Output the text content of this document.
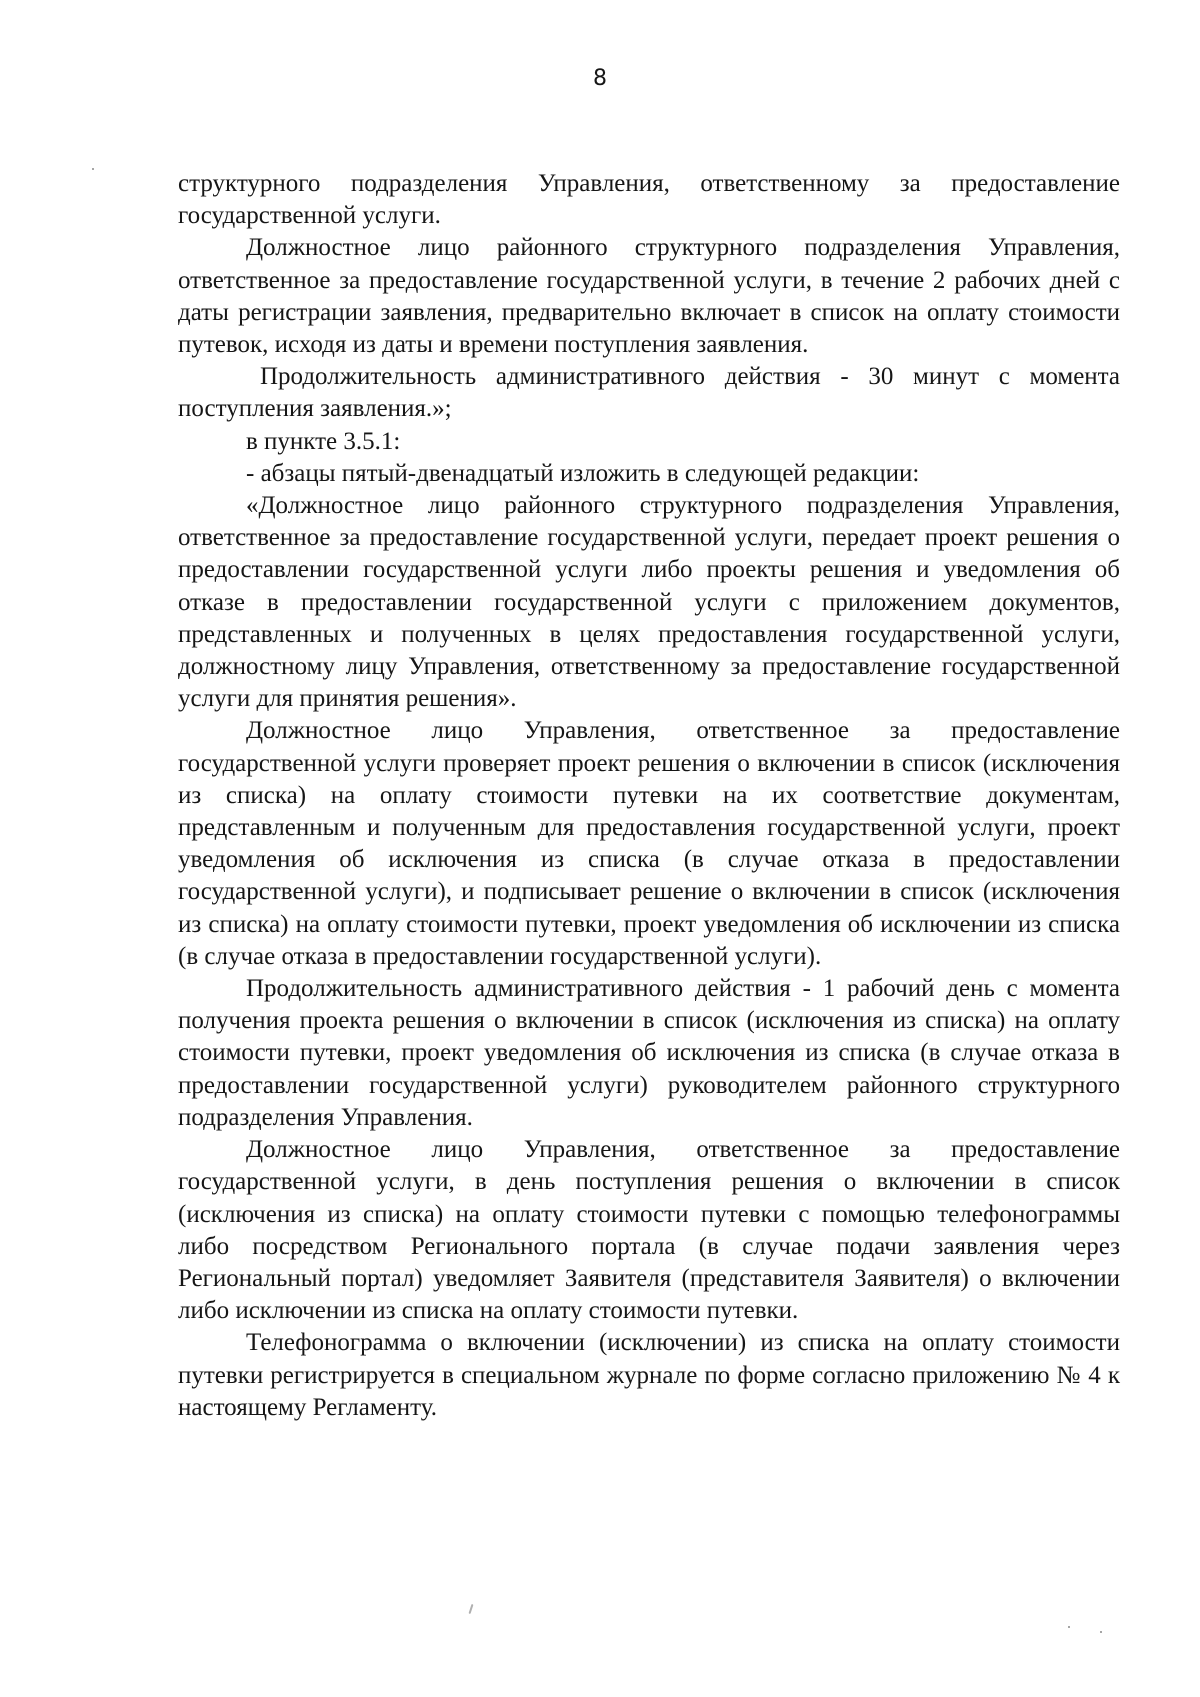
8

структурного подразделения Управления, ответственному за предоставление государственной услуги.

Должностное лицо районного структурного подразделения Управления, ответственное за предоставление государственной услуги, в течение 2 рабочих дней с даты регистрации заявления, предварительно включает в список на оплату стоимости путевок, исходя из даты и времени поступления заявления.

Продолжительность административного действия - 30 минут с момента поступления заявления.»;

в пункте 3.5.1:

- абзацы пятый-двенадцатый изложить в следующей редакции:

«Должностное лицо районного структурного подразделения Управления, ответственное за предоставление государственной услуги, передает проект решения о предоставлении государственной услуги либо проекты решения и уведомления об отказе в предоставлении государственной услуги с приложением документов, представленных и полученных в целях предоставления государственной услуги, должностному лицу Управления, ответственному за предоставление государственной услуги для принятия решения».

Должностное лицо Управления, ответственное за предоставление государственной услуги проверяет проект решения о включении в список (исключения из списка) на оплату стоимости путевки на их соответствие документам, представленным и полученным для предоставления государственной услуги, проект уведомления об исключения из списка (в случае отказа в предоставлении государственной услуги), и подписывает решение о включении в список (исключения из списка) на оплату стоимости путевки, проект уведомления об исключении из списка (в случае отказа в предоставлении государственной услуги).

Продолжительность административного действия - 1 рабочий день с момента получения проекта решения о включении в список (исключения из списка) на оплату стоимости путевки, проект уведомления об исключения из списка (в случае отказа в предоставлении государственной услуги) руководителем районного структурного подразделения Управления.

Должностное лицо Управления, ответственное за предоставление государственной услуги, в день поступления решения о включении в список (исключения из списка) на оплату стоимости путевки с помощью телефонограммы либо посредством Регионального портала (в случае подачи заявления через Региональный портал) уведомляет Заявителя (представителя Заявителя) о включении либо исключении из списка на оплату стоимости путевки.

Телефонограмма о включении (исключении) из списка на оплату стоимости путевки регистрируется в специальном журнале по форме согласно приложению № 4 к настоящему Регламенту.
